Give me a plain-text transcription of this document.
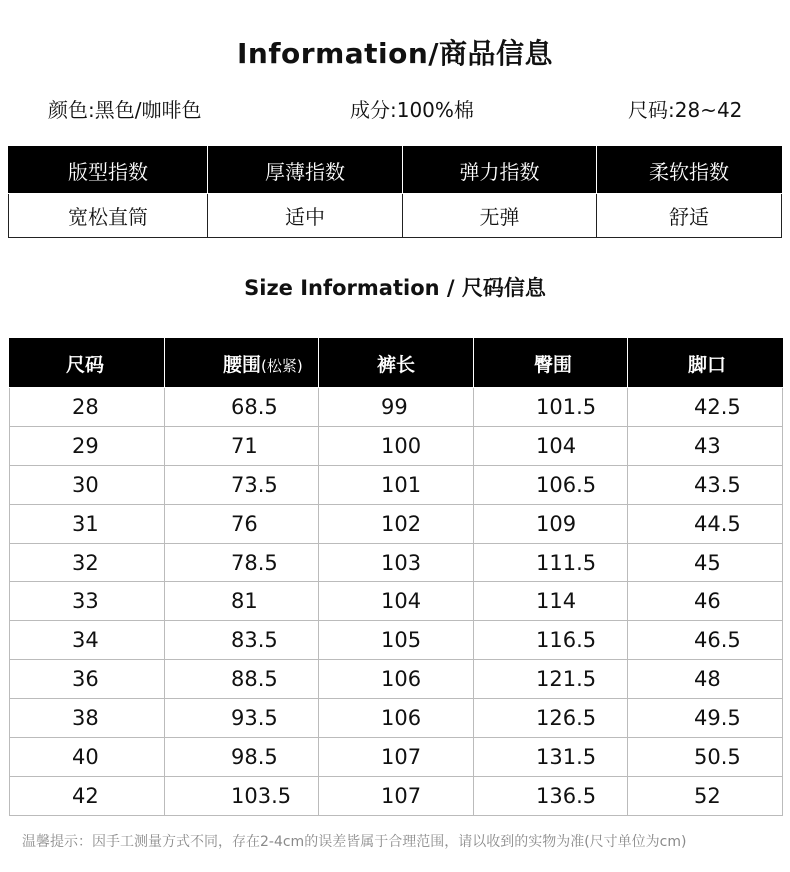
Information/商品信息
颜色:黑色/咖啡色	成分:100%棉	尺码:28~42
版型指数	厚薄指数	弹力指数	柔软指数
宽松直筒	适中	无弹	舒适
Size Information / 尺码信息
尺码	腰围(松紧)	裤长	臀围	脚口
28	68.5	99	101.5	42.5
29	71	100	104	43
30	73.5	101	106.5	43.5
31	76	102	109	44.5
32	78.5	103	111.5	45
33	81	104	114	46
34	83.5	105	116.5	46.5
36	88.5	106	121.5	48
38	93.5	106	126.5	49.5
40	98.5	107	131.5	50.5
42	103.5	107	136.5	52
温馨提示：因手工测量方式不同，存在2-4cm的误差皆属于合理范围，请以收到的实物为准(尺寸单位为cm)
